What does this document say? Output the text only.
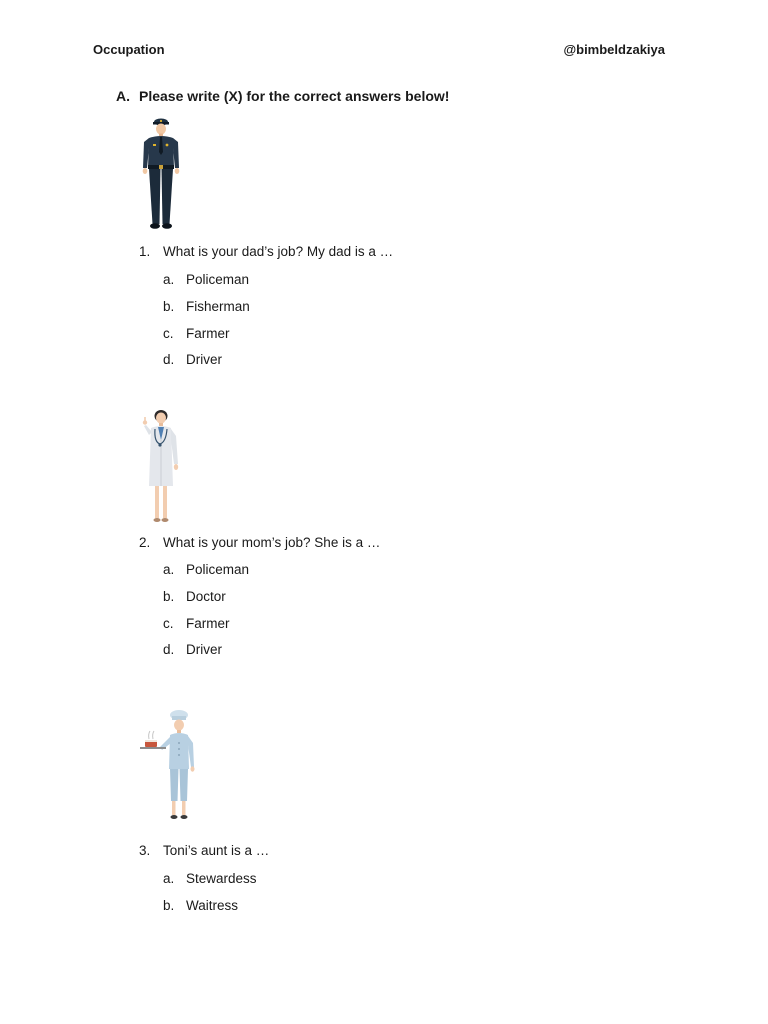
Occupation	@bimbeldzakiya
A. Please write (X) for the correct answers below!
1. What is your dad’s job? My dad is a …
a. Policeman
b. Fisherman
c. Farmer
d. Driver
2. What is your mom’s job? She is a …
a. Policeman
b. Doctor
c. Farmer
d. Driver
3. Toni’s aunt is a …
a. Stewardess
b. Waitress
